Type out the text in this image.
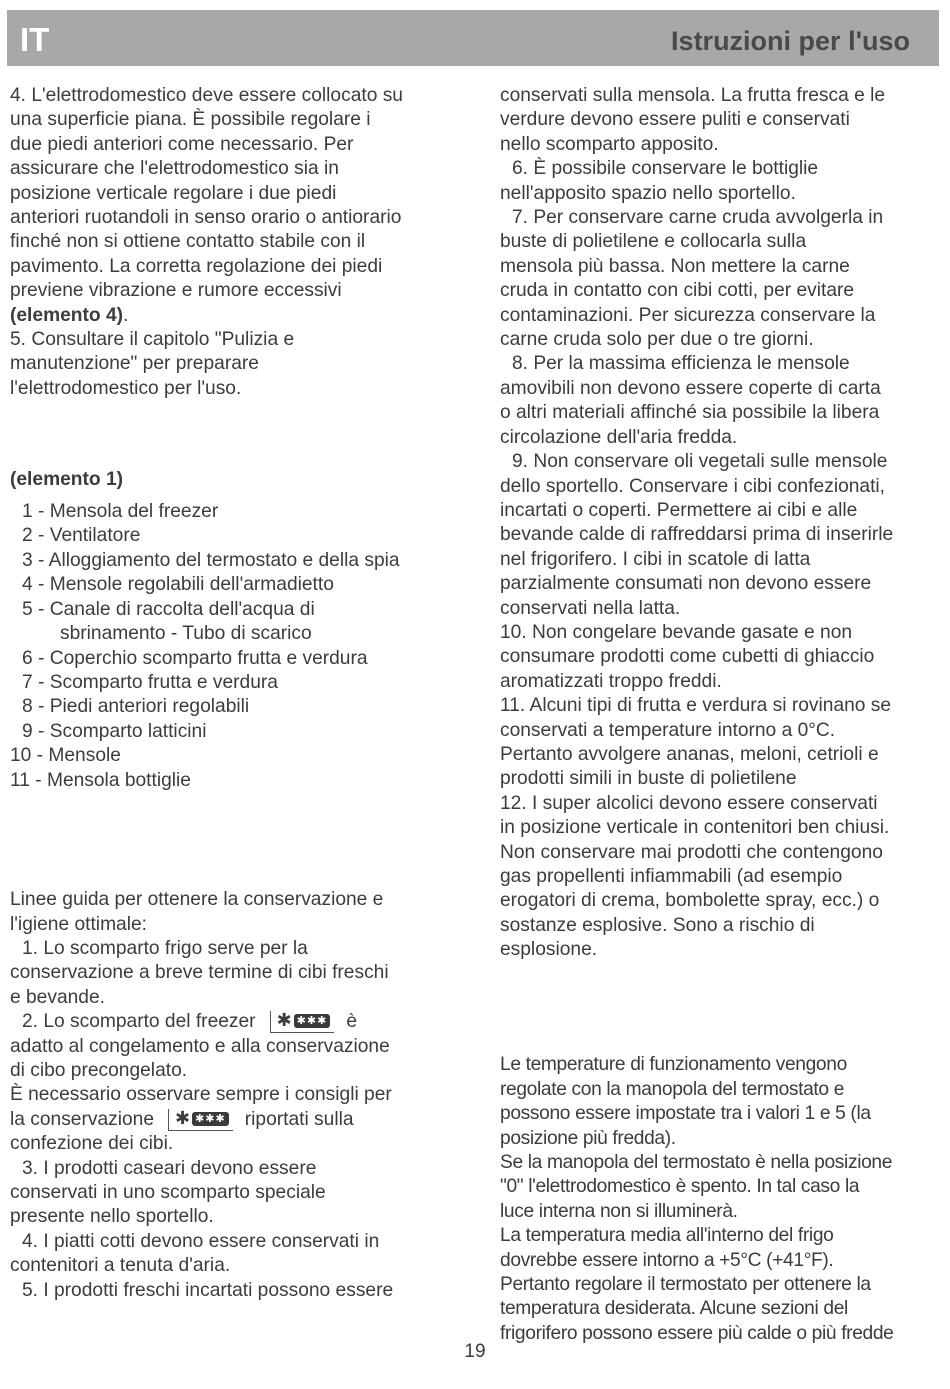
IT	Istruzioni per l'uso
4. L'elettrodomestico deve essere collocato su
una superficie piana. È possibile regolare i
due piedi anteriori come necessario. Per
assicurare che l'elettrodomestico sia in
posizione verticale regolare i due piedi
anteriori ruotandoli in senso orario o antiorario
finché non si ottiene contatto stabile con il
pavimento. La corretta regolazione dei piedi
previene vibrazione e rumore eccessivi
(elemento 4).
5. Consultare il capitolo "Pulizia e
manutenzione" per preparare
l'elettrodomestico per l'uso.
(elemento 1)
1 - Mensola del freezer
2 - Ventilatore
3 - Alloggiamento del termostato e della spia
4 - Mensole regolabili dell'armadietto
5 - Canale di raccolta dell'acqua di
sbrinamento - Tubo di scarico
6 - Coperchio scomparto frutta e verdura
7 - Scomparto frutta e verdura
8 - Piedi anteriori regolabili
9 - Scomparto latticini
10 - Mensole
11 - Mensola bottiglie
Linee guida per ottenere la conservazione e
l'igiene ottimale:
1. Lo scomparto frigo serve per la
conservazione a breve termine di cibi freschi
e bevande.
2. Lo scomparto del freezer ✱ ✱✱✱ è
adatto al congelamento e alla conservazione
di cibo precongelato.
È necessario osservare sempre i consigli per
la conservazione ✱ ✱✱✱ riportati sulla
confezione dei cibi.
3. I prodotti caseari devono essere
conservati in uno scomparto speciale
presente nello sportello.
4. I piatti cotti devono essere conservati in
contenitori a tenuta d'aria.
5. I prodotti freschi incartati possono essere
conservati sulla mensola. La frutta fresca e le
verdure devono essere puliti e conservati
nello scomparto apposito.
6. È possibile conservare le bottiglie
nell'apposito spazio nello sportello.
7. Per conservare carne cruda avvolgerla in
buste di polietilene e collocarla sulla
mensola più bassa. Non mettere la carne
cruda in contatto con cibi cotti, per evitare
contaminazioni. Per sicurezza conservare la
carne cruda solo per due o tre giorni.
8. Per la massima efficienza le mensole
amovibili non devono essere coperte di carta
o altri materiali affinché sia possibile la libera
circolazione dell'aria fredda.
9. Non conservare oli vegetali sulle mensole
dello sportello. Conservare i cibi confezionati,
incartati o coperti. Permettere ai cibi e alle
bevande calde di raffreddarsi prima di inserirle
nel frigorifero. I cibi in scatole di latta
parzialmente consumati non devono essere
conservati nella latta.
10. Non congelare bevande gasate e non
consumare prodotti come cubetti di ghiaccio
aromatizzati troppo freddi.
11. Alcuni tipi di frutta e verdura si rovinano se
conservati a temperature intorno a 0°C.
Pertanto avvolgere ananas, meloni, cetrioli e
prodotti simili in buste di polietilene
12. I super alcolici devono essere conservati
in posizione verticale in contenitori ben chiusi.
Non conservare mai prodotti che contengono
gas propellenti infiammabili (ad esempio
erogatori di crema, bombolette spray, ecc.) o
sostanze esplosive. Sono a rischio di
esplosione.
Le temperature di funzionamento vengono
regolate con la manopola del termostato e
possono essere impostate tra i valori 1 e 5 (la
posizione più fredda).
Se la manopola del termostato è nella posizione
"0" l'elettrodomestico è spento. In tal caso la
luce interna non si illuminerà.
La temperatura media all'interno del frigo
dovrebbe essere intorno a +5°C (+41°F).
Pertanto regolare il termostato per ottenere la
temperatura desiderata. Alcune sezioni del
frigorifero possono essere più calde o più fredde
19
